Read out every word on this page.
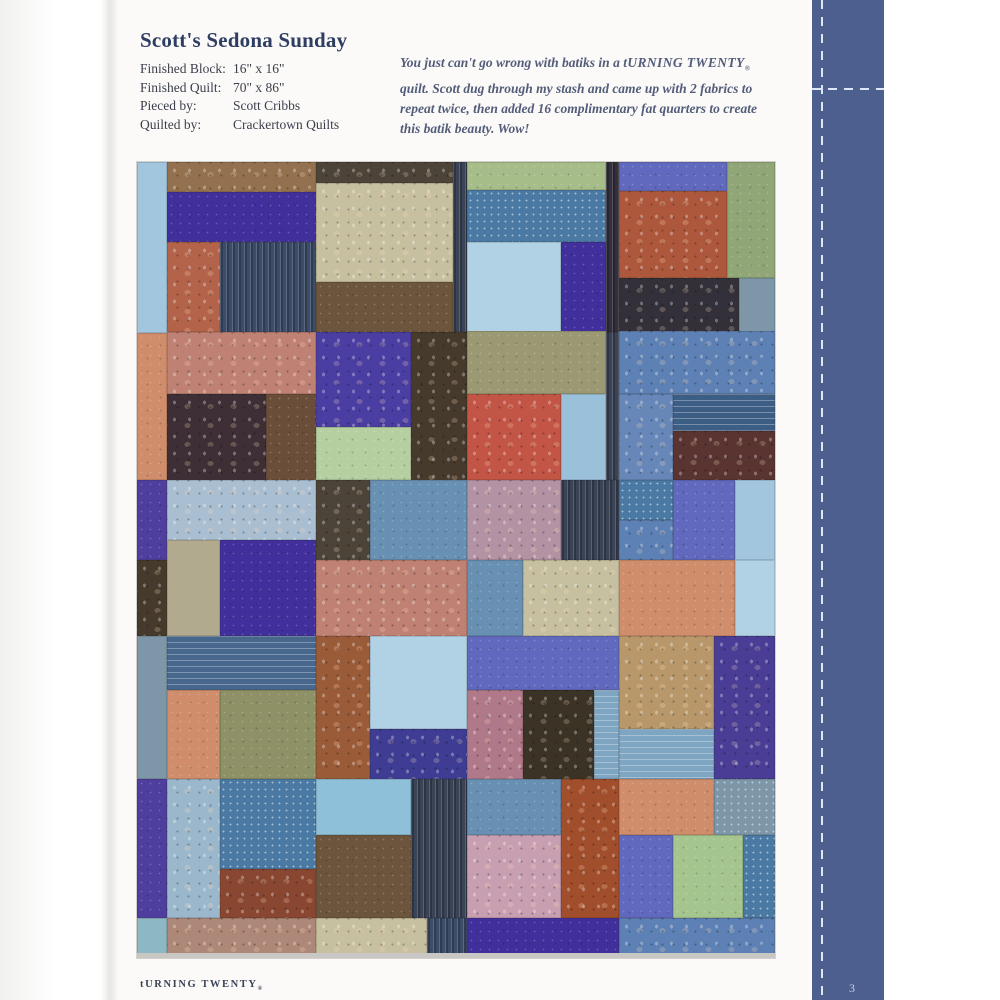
Scott's Sedona Sunday
Finished Block: 16" x 16"
Finished Quilt: 70" x 86"
Pieced by:	Scott Cribbs
Quilted by:	Crackertown Quilts

You just can't go wrong with batiks in a tURNING $TWENTY_®$ quilt. Scott dug through my stash and came up with 2 fabrics to repeat twice, then added 16 complimentary fat quarters to create this batik beauty. Wow!

tURNING $TWENTY_®$	3
